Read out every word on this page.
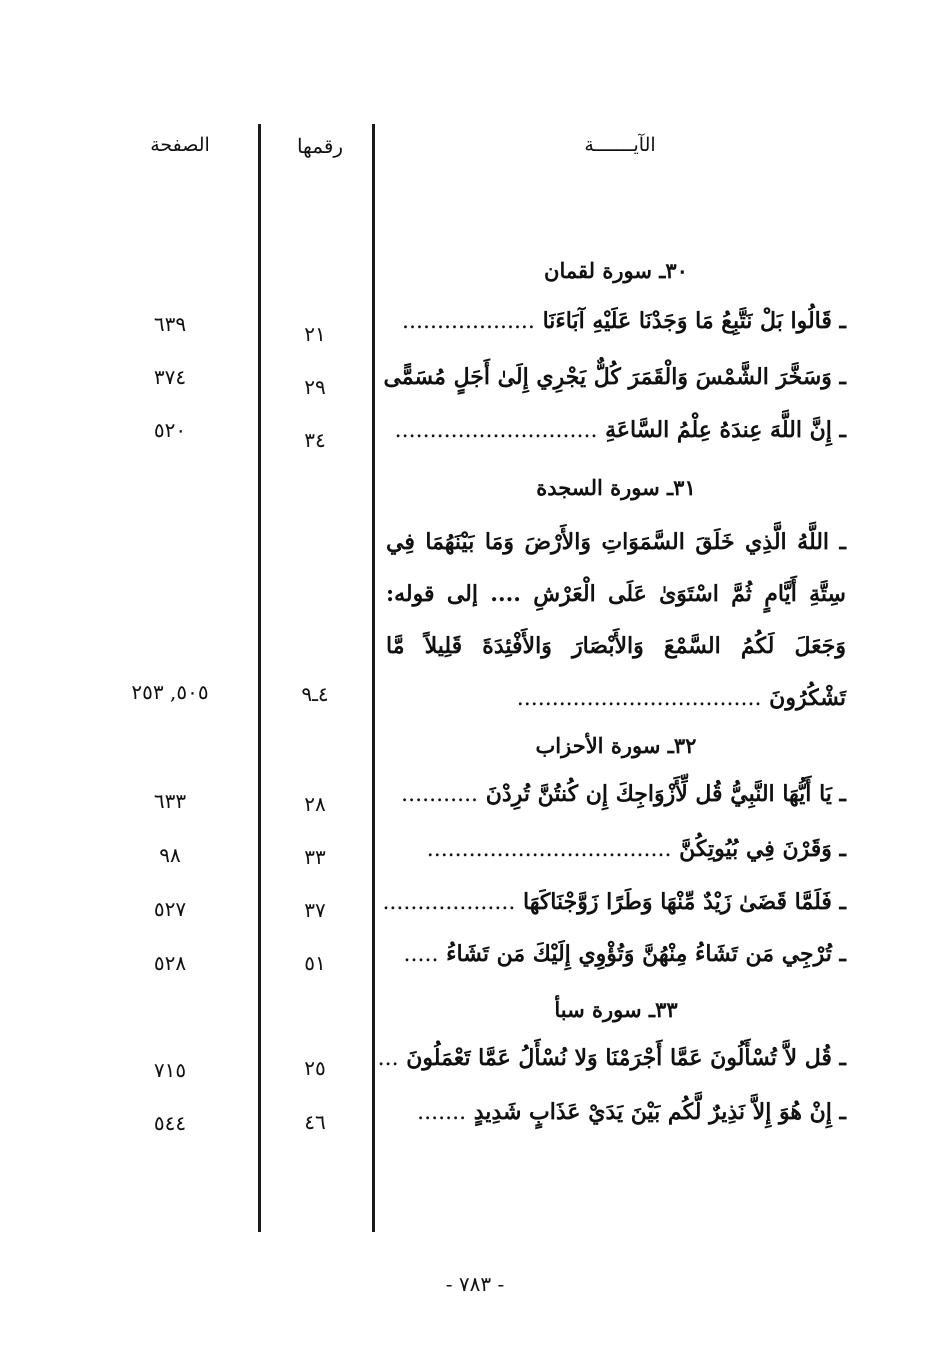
الآيـــــــة
رقمها
الصفحة
٣٠ـ سورة لقمان
ـ قَالُوا بَلْ نَتَّبِعُ مَا وَجَدْنَا عَلَيْهِ آبَاءَنَا ...................
٢١
٦٣٩
ـ وَسَخَّرَ الشَّمْسَ وَالْقَمَرَ كُلٌّ يَجْرِي إِلَىٰ أَجَلٍ مُسَمًّى
٢٩
٣٧٤
ـ إِنَّ اللَّهَ عِندَهُ عِلْمُ السَّاعَةِ .............................
٣٤
٥٢٠
٣١ـ سورة السجدة
ـ اللَّهُ الَّذِي خَلَقَ السَّمَوَاتِ وَالأَرْضَ وَمَا بَيْنَهُمَا فِي سِتَّةِ أَيَّامٍ ثُمَّ اسْتَوَىٰ عَلَى الْعَرْشِ .... إلى قوله: وَجَعَلَ لَكُمُ السَّمْعَ وَالأَبْصَارَ وَالأَفْئِدَةَ قَلِيلاً مَّا تَشْكُرُونَ ...................................
٤ـ٩
٥٠٥, ٢٥٣
٣٢ـ سورة الأحزاب
ـ يَا أَيُّهَا النَّبِيُّ قُل لِّأَزْوَاجِكَ إِن كُنتُنَّ تُرِدْنَ ...........
٢٨
٦٣٣
ـ وَقَرْنَ فِي بُيُوتِكُنَّ ...................................
٣٣
٩٨
ـ فَلَمَّا قَضَىٰ زَيْدٌ مِّنْهَا وَطَرًا زَوَّجْنَاكَهَا ...................
٣٧
٥٢٧
ـ تُرْجِي مَن تَشَاءُ مِنْهُنَّ وَتُؤْوِي إِلَيْكَ مَن تَشَاءُ .....
٥١
٥٢٨
٣٣ـ سورة سبأ
ـ قُل لاَّ تُسْأَلُونَ عَمَّا أَجْرَمْنَا وَلا نُسْأَلُ عَمَّا تَعْمَلُونَ ...
٢٥
٧١٥
ـ إِنْ هُوَ إِلاَّ نَذِيرٌ لَّكُم بَيْنَ يَدَيْ عَذَابٍ شَدِيدٍ .......
٤٦
٥٤٤
- ٧٨٣ -
